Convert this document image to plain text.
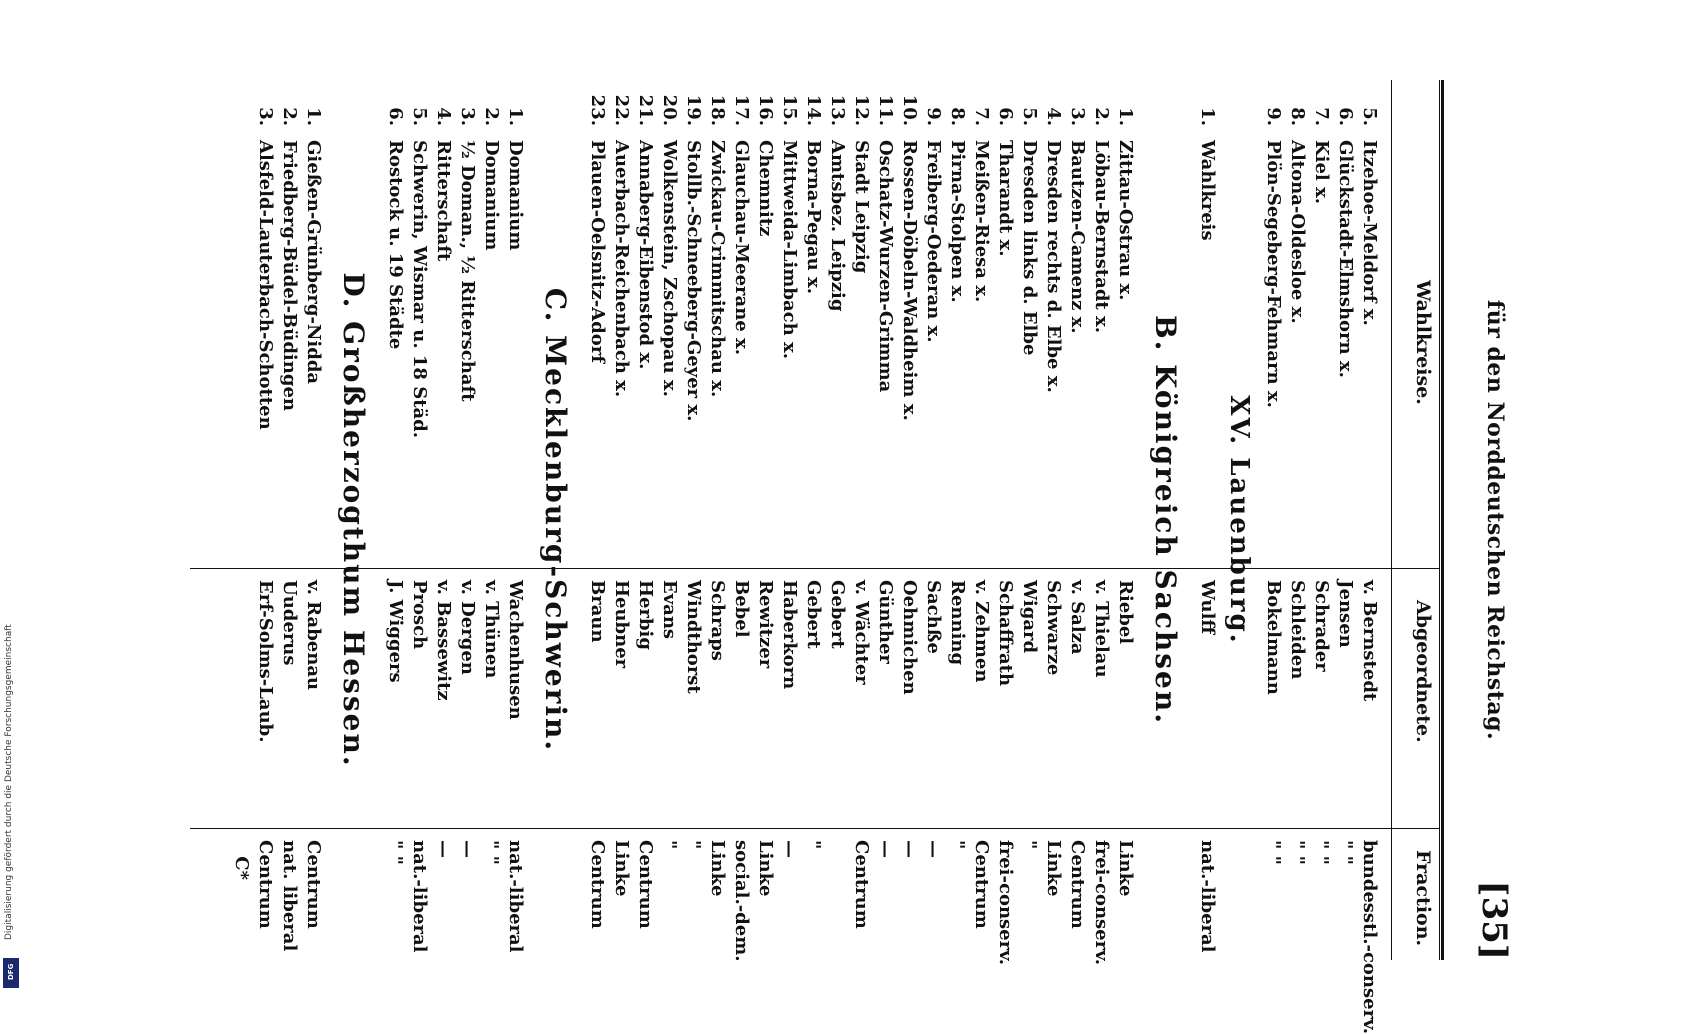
für den Norddeutschen Reichstag.
[35]
Wahlkreise.
Abgeordnete.
Fraction.
5.
Itzehoe-Meldorf x.
v. Bernstedt
bundesstl.-conserv.
6.
Glückstadt-Elmshorn x.
Jensen
" "
7.
Kiel x.
Schrader
" "
8.
Altona-Oldesloe x.
Schleiden
" "
9.
Plön-Segeberg-Fehmarn x.
Bokelmann
" "
XV. Lauenburg.
1.
Wahlkreis
Wulff
nat.-liberal
B. Königreich Sachsen.
1.
Zittau-Ostrau x.
Riebel
Linke
2.
Löbau-Bernstadt x.
v. Thielau
frei-conserv.
3.
Bautzen-Camenz x.
v. Salza
Centrum
4.
Dresden rechts d. Elbe x.
Schwarze
Linke
5.
Dresden links d. Elbe
Wigard
"
6.
Tharandt x.
Schaffrath
frei-conserv.
7.
Meißen-Riesa x.
v. Zehmen
Centrum
8.
Pirna-Stolpen x.
Renning
"
9.
Freiberg-Oederan x.
Sachße
—
10.
Rossen-Döbeln-Waldheim x.
Oehmichen
—
11.
Oschatz-Wurzen-Grimma
Günther
—
12.
Stadt Leipzig
v. Wächter
Centrum
13.
Amtsbez. Leipzig
Gebert
14.
Borna-Pegau x.
Gebert
"
15.
Mittweida-Limbach x.
Haberkorn
—
16.
Chemnitz
Rewitzer
Linke
17.
Glauchau-Meerane x.
Bebel
social.-dem.
18.
Zwickau-Crimmitschau x.
Schraps
Linke
19.
Stollb.-Schneeberg-Geyer x.
Windthorst
"
20.
Wolkenstein, Zschopau x.
Evans
"
21.
Annaberg-Eibenstod x.
Herbig
Centrum
22.
Auerbach-Reichenbach x.
Heubner
Linke
23.
Plauen-Oelsnitz-Adorf
Braun
Centrum
C. Mecklenburg-Schwerin.
1.
Domanium
Wachenhusen
nat.-liberal
2.
Domanium
v. Thünen
" "
3.
½ Doman., ½ Ritterschaft
v. Dergen
—
4.
Ritterschaft
v. Bassewitz
—
5.
Schwerin, Wismar u. 18 Städ.
Prosch
nat.-liberal
6.
Rostock u. 19 Städte
J. Wiggers
" "
D. Großherzogthum Hessen.
1.
Gießen-Grünberg-Nidda
v. Rabenau
Centrum
2.
Friedberg-Büdel-Büdingen
Uuderus
nat. liberal
3.
Alsfeld-Lauterbach-Schotten
Erf-Solms-Laub.
Centrum
C*
Digitalisierung gefördert durch die Deutsche Forschungsgemeinschaft
DFG
